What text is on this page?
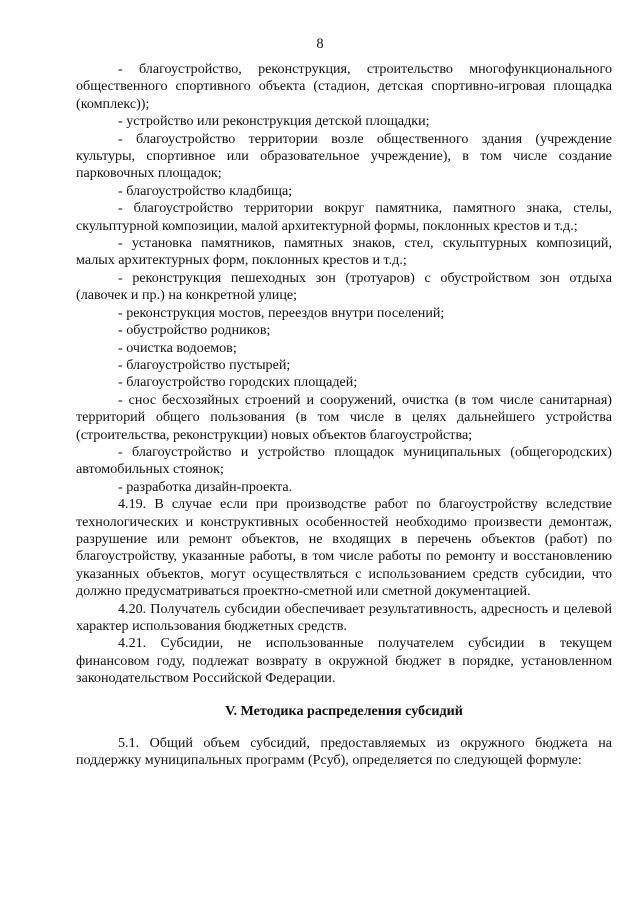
8

- благоустройство, реконструкция, строительство многофункционального общественного спортивного объекта (стадион, детская спортивно-игровая площадка (комплекс));

- устройство или реконструкция детской площадки;

- благоустройство территории возле общественного здания (учреждение культуры, спортивное или образовательное учреждение), в том числе создание парковочных площадок;

- благоустройство кладбища;

- благоустройство территории вокруг памятника, памятного знака, стелы, скульптурной композиции, малой архитектурной формы, поклонных крестов и т.д.;

- установка памятников, памятных знаков, стел, скульптурных композиций, малых архитектурных форм, поклонных крестов и т.д.;

- реконструкция пешеходных зон (тротуаров) с обустройством зон отдыха (лавочек и пр.) на конкретной улице;

- реконструкция мостов, переездов внутри поселений;

- обустройство родников;

- очистка водоемов;

- благоустройство пустырей;

- благоустройство городских площадей;

- снос бесхозяйных строений и сооружений, очистка (в том числе санитарная) территорий общего пользования (в том числе в целях дальнейшего устройства (строительства, реконструкции) новых объектов благоустройства;

- благоустройство и устройство площадок муниципальных (общегородских) автомобильных стоянок;

- разработка дизайн-проекта.

4.19. В случае если при производстве работ по благоустройству вследствие технологических и конструктивных особенностей необходимо произвести демонтаж, разрушение или ремонт объектов, не входящих в перечень объектов (работ) по благоустройству, указанные работы, в том числе работы по ремонту и восстановлению указанных объектов, могут осуществляться с использованием средств субсидии, что должно предусматриваться проектно-сметной или сметной документацией.

4.20. Получатель субсидии обеспечивает результативность, адресность и целевой характер использования бюджетных средств.

4.21. Субсидии, не использованные получателем субсидии в текущем финансовом году, подлежат возврату в окружной бюджет в порядке, установленном законодательством Российской Федерации.

V. Методика распределения субсидий

5.1. Общий объем субсидий, предоставляемых из окружного бюджета на поддержку муниципальных программ (Рсуб), определяется по следующей формуле:
